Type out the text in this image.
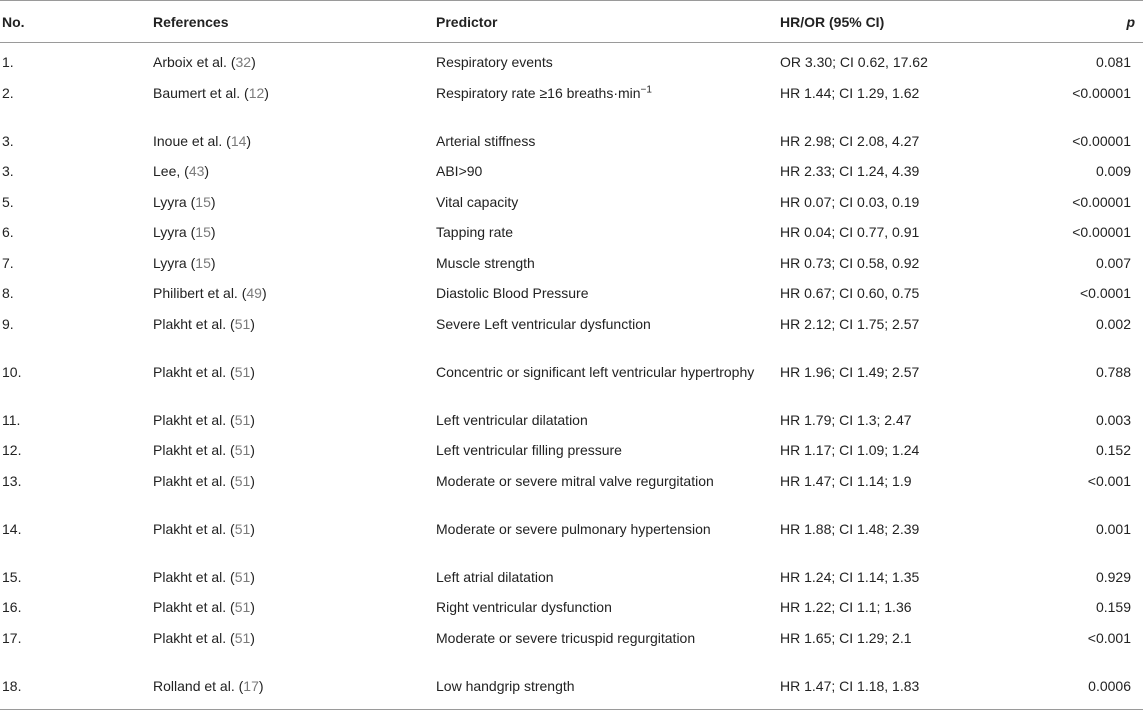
No.	References	Predictor	HR/OR (95% CI)	p
1.	Arboix et al. (32)	Respiratory events	OR 3.30; CI 0.62, 17.62	0.081
2.	Baumert et al. (12)	Respiratory rate ≥16 $breaths\cdot\min^{-1}$	HR 1.44; CI 1.29, 1.62	<0.00001
3.	Inoue et al. (14)	Arterial stiffness	HR 2.98; CI 2.08, 4.27	<0.00001
3.	Lee, (43)	ABI>90	HR 2.33; CI 1.24, 4.39	0.009
5.	Lyyra (15)	Vital capacity	HR 0.07; CI 0.03, 0.19	<0.00001
6.	Lyyra (15)	Tapping rate	HR 0.04; CI 0.77, 0.91	<0.00001
7.	Lyyra (15)	Muscle strength	HR 0.73; CI 0.58, 0.92	0.007
8.	Philibert et al. (49)	Diastolic Blood Pressure	HR 0.67; CI 0.60, 0.75	<0.0001
9.	Plakht et al. (51)	Severe Left ventricular dysfunction	HR 2.12; CI 1.75; 2.57	0.002
10.	Plakht et al. (51)	Concentric or significant left ventricular hypertrophy	HR 1.96; CI 1.49; 2.57	0.788
11.	Plakht et al. (51)	Left ventricular dilatation	HR 1.79; CI 1.3; 2.47	0.003
12.	Plakht et al. (51)	Left ventricular filling pressure	HR 1.17; CI 1.09; 1.24	0.152
13.	Plakht et al. (51)	Moderate or severe mitral valve regurgitation	HR 1.47; CI 1.14; 1.9	<0.001
14.	Plakht et al. (51)	Moderate or severe pulmonary hypertension	HR 1.88; CI 1.48; 2.39	0.001
15.	Plakht et al. (51)	Left atrial dilatation	HR 1.24; CI 1.14; 1.35	0.929
16.	Plakht et al. (51)	Right ventricular dysfunction	HR 1.22; CI 1.1; 1.36	0.159
17.	Plakht et al. (51)	Moderate or severe tricuspid regurgitation	HR 1.65; CI 1.29; 2.1	<0.001
18.	Rolland et al. (17)	Low handgrip strength	HR 1.47; CI 1.18, 1.83	0.0006
